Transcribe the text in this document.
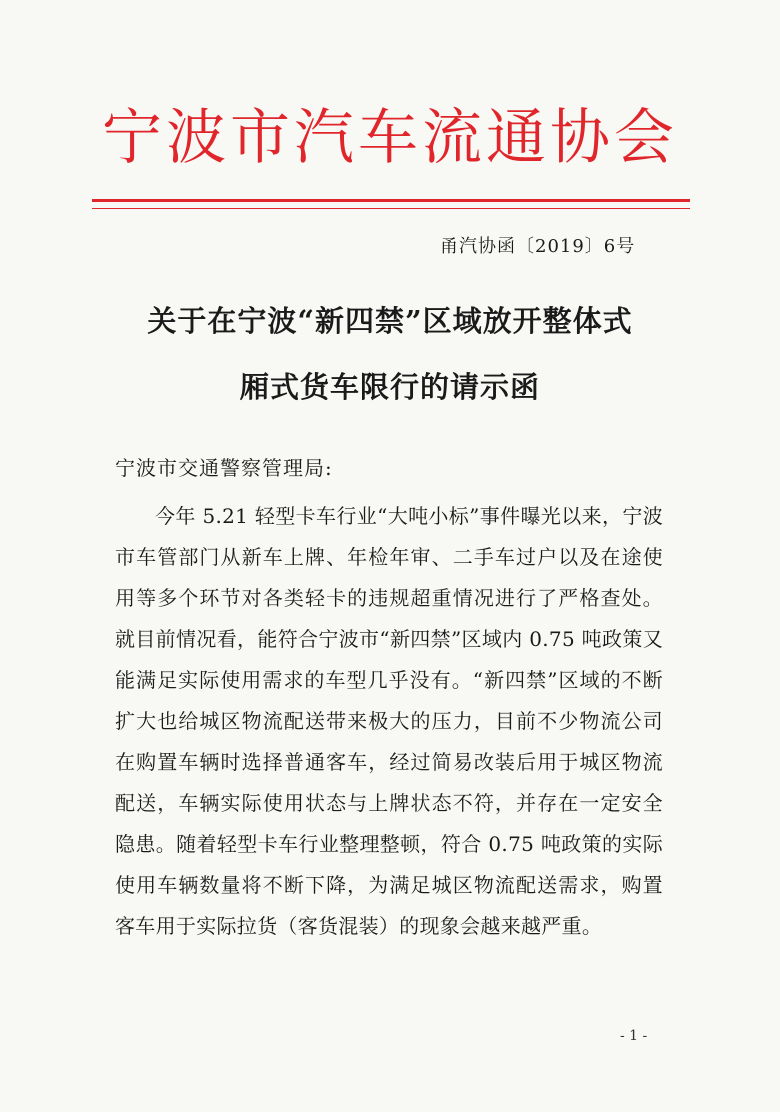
宁波市汽车流通协会
甬汽协函〔2019〕6号
关于在宁波“新四禁”区域放开整体式
厢式货车限行的请示函
宁波市交通警察管理局:
今年 5.21 轻型卡车行业“大吨小标”事件曝光以来，宁波市车管部门从新车上牌、年检年审、二手车过户以及在途使用等多个环节对各类轻卡的违规超重情况进行了严格查处。就目前情况看，能符合宁波市“新四禁”区域内 0.75 吨政策又能满足实际使用需求的车型几乎没有。“新四禁”区域的不断扩大也给城区物流配送带来极大的压力，目前不少物流公司在购置车辆时选择普通客车，经过简易改装后用于城区物流配送，车辆实际使用状态与上牌状态不符，并存在一定安全隐患。随着轻型卡车行业整理整顿，符合 0.75 吨政策的实际使用车辆数量将不断下降，为满足城区物流配送需求，购置客车用于实际拉货（客货混装）的现象会越来越严重。
- 1 -
